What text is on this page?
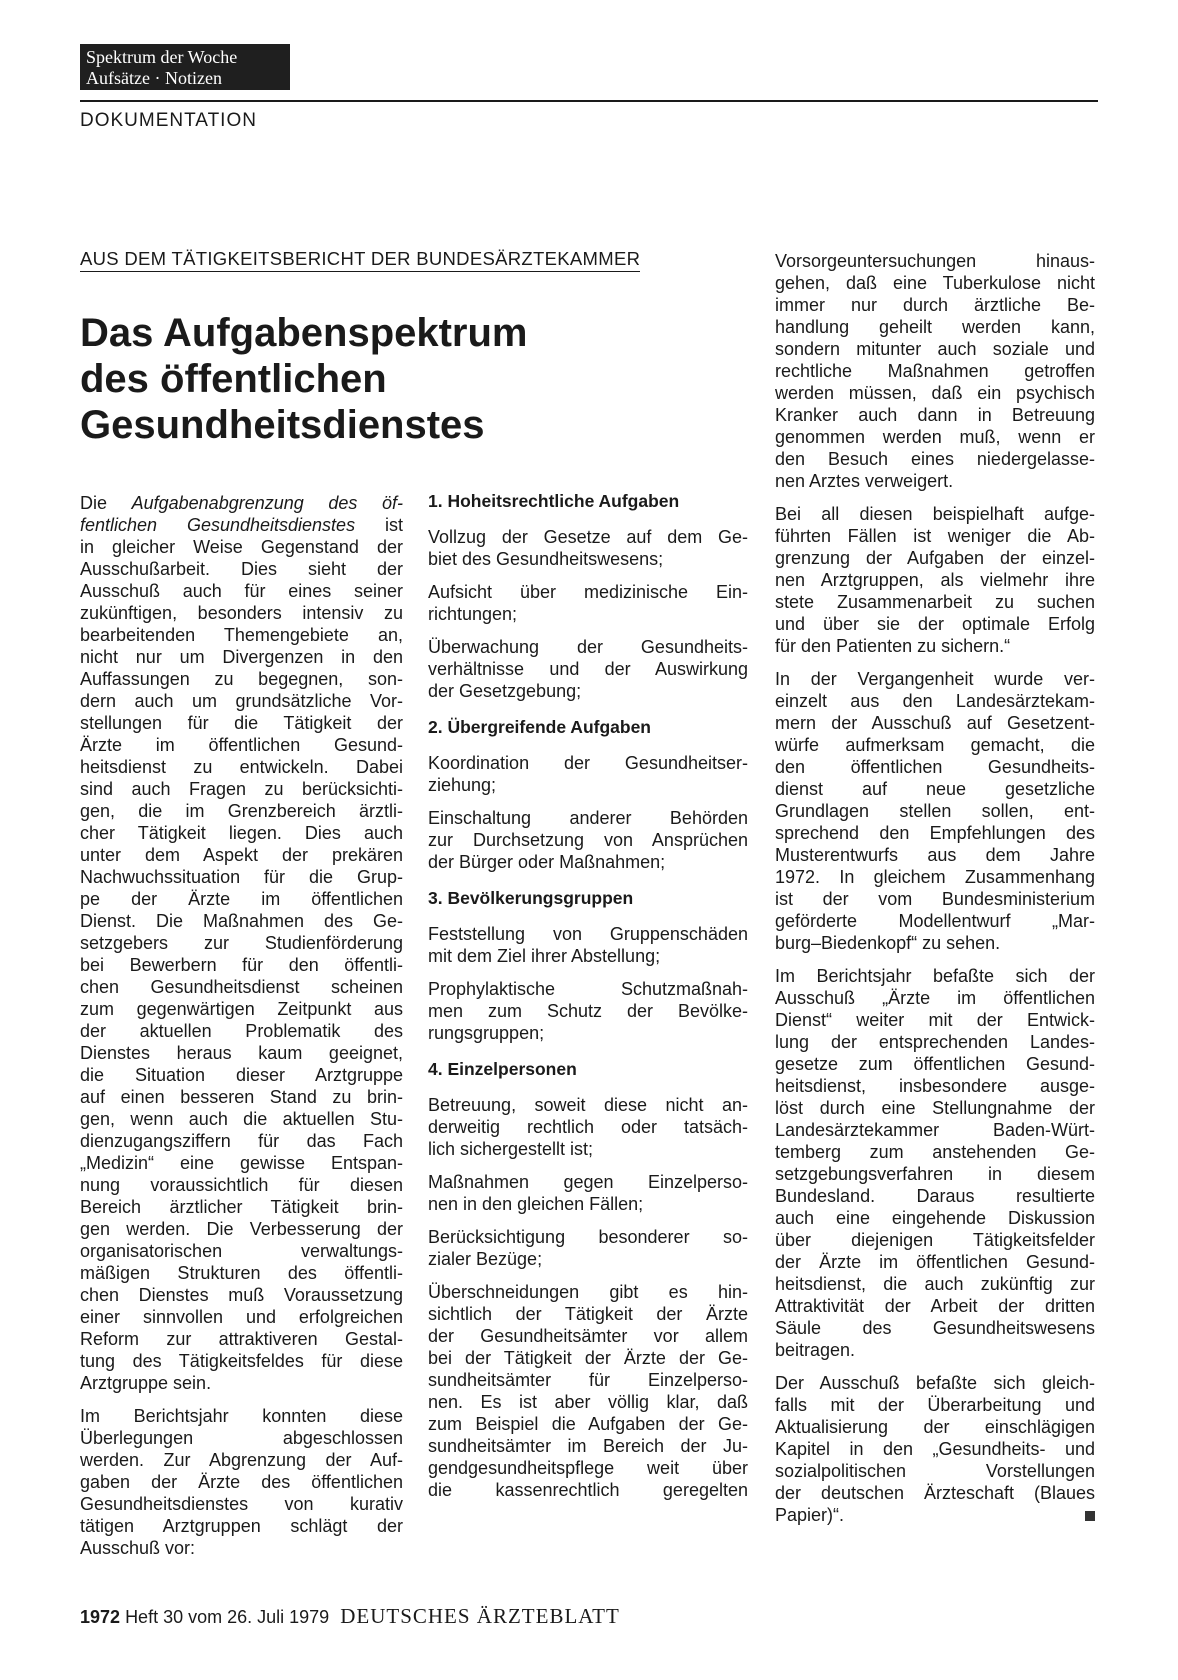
Spektrum der Woche
Aufsätze · Notizen
DOKUMENTATION
AUS DEM TÄTIGKEITSBERICHT DER BUNDESÄRZTEKAMMER
Das Aufgabenspektrum
des öffentlichen
Gesundheitsdienstes

Die Aufgabenabgrenzung des öf-
fentlichen Gesundheitsdienstes ist
in gleicher Weise Gegenstand der
Ausschußarbeit. Dies sieht der
Ausschuß auch für eines seiner
zukünftigen, besonders intensiv zu
bearbeitenden Themengebiete an,
nicht nur um Divergenzen in den
Auffassungen zu begegnen, son-
dern auch um grundsätzliche Vor-
stellungen für die Tätigkeit der
Ärzte im öffentlichen Gesund-
heitsdienst zu entwickeln. Dabei
sind auch Fragen zu berücksichti-
gen, die im Grenzbereich ärztli-
cher Tätigkeit liegen. Dies auch
unter dem Aspekt der prekären
Nachwuchssituation für die Grup-
pe der Ärzte im öffentlichen
Dienst. Die Maßnahmen des Ge-
setzgebers zur Studienförderung
bei Bewerbern für den öffentli-
chen Gesundheitsdienst scheinen
zum gegenwärtigen Zeitpunkt aus
der aktuellen Problematik des
Dienstes heraus kaum geeignet,
die Situation dieser Arztgruppe
auf einen besseren Stand zu brin-
gen, wenn auch die aktuellen Stu-
dienzugangsziffern für das Fach
„Medizin“ eine gewisse Entspan-
nung voraussichtlich für diesen
Bereich ärztlicher Tätigkeit brin-
gen werden. Die Verbesserung der
organisatorischen verwaltungs-
mäßigen Strukturen des öffentli-
chen Dienstes muß Voraussetzung
einer sinnvollen und erfolgreichen
Reform zur attraktiveren Gestal-
tung des Tätigkeitsfeldes für diese
Arztgruppe sein.

Im Berichtsjahr konnten diese
Überlegungen abgeschlossen
werden. Zur Abgrenzung der Auf-
gaben der Ärzte des öffentlichen
Gesundheitsdienstes von kurativ
tätigen Arztgruppen schlägt der
Ausschuß vor:

1. Hoheitsrechtliche Aufgaben

Vollzug der Gesetze auf dem Ge-
biet des Gesundheitswesens;

Aufsicht über medizinische Ein-
richtungen;

Überwachung der Gesundheits-
verhältnisse und der Auswirkung
der Gesetzgebung;

2. Übergreifende Aufgaben

Koordination der Gesundheitser-
ziehung;

Einschaltung anderer Behörden
zur Durchsetzung von Ansprüchen
der Bürger oder Maßnahmen;

3. Bevölkerungsgruppen

Feststellung von Gruppenschäden
mit dem Ziel ihrer Abstellung;

Prophylaktische Schutzmaßnah-
men zum Schutz der Bevölke-
rungsgruppen;

4. Einzelpersonen

Betreuung, soweit diese nicht an-
derweitig rechtlich oder tatsäch-
lich sichergestellt ist;

Maßnahmen gegen Einzelperso-
nen in den gleichen Fällen;

Berücksichtigung besonderer so-
zialer Bezüge;

Überschneidungen gibt es hin-
sichtlich der Tätigkeit der Ärzte
der Gesundheitsämter vor allem
bei der Tätigkeit der Ärzte der Ge-
sundheitsämter für Einzelperso-
nen. Es ist aber völlig klar, daß
zum Beispiel die Aufgaben der Ge-
sundheitsämter im Bereich der Ju-
gendgesundheitspflege weit über
die kassenrechtlich geregelten

Vorsorgeuntersuchungen hinaus-
gehen, daß eine Tuberkulose nicht
immer nur durch ärztliche Be-
handlung geheilt werden kann,
sondern mitunter auch soziale und
rechtliche Maßnahmen getroffen
werden müssen, daß ein psychisch
Kranker auch dann in Betreuung
genommen werden muß, wenn er
den Besuch eines niedergelasse-
nen Arztes verweigert.

Bei all diesen beispielhaft aufge-
führten Fällen ist weniger die Ab-
grenzung der Aufgaben der einzel-
nen Arztgruppen, als vielmehr ihre
stete Zusammenarbeit zu suchen
und über sie der optimale Erfolg
für den Patienten zu sichern.“

In der Vergangenheit wurde ver-
einzelt aus den Landesärztekam-
mern der Ausschuß auf Gesetzent-
würfe aufmerksam gemacht, die
den öffentlichen Gesundheits-
dienst auf neue gesetzliche
Grundlagen stellen sollen, ent-
sprechend den Empfehlungen des
Musterentwurfs aus dem Jahre
1972. In gleichem Zusammenhang
ist der vom Bundesministerium
geförderte Modellentwurf „Mar-
burg–Biedenkopf“ zu sehen.

Im Berichtsjahr befaßte sich der
Ausschuß „Ärzte im öffentlichen
Dienst“ weiter mit der Entwick-
lung der entsprechenden Landes-
gesetze zum öffentlichen Gesund-
heitsdienst, insbesondere ausge-
löst durch eine Stellungnahme der
Landesärztekammer Baden-Würt-
temberg zum anstehenden Ge-
setzgebungsverfahren in diesem
Bundesland. Daraus resultierte
auch eine eingehende Diskussion
über diejenigen Tätigkeitsfelder
der Ärzte im öffentlichen Gesund-
heitsdienst, die auch zukünftig zur
Attraktivität der Arbeit der dritten
Säule des Gesundheitswesens
beitragen.

Der Ausschuß befaßte sich gleich-
falls mit der Überarbeitung und
Aktualisierung der einschlägigen
Kapitel in den „Gesundheits- und
sozialpolitischen Vorstellungen
der deutschen Ärzteschaft (Blaues
Papier)“.

1972 Heft 30 vom 26. Juli 1979 DEUTSCHES ÄRZTEBLATT
